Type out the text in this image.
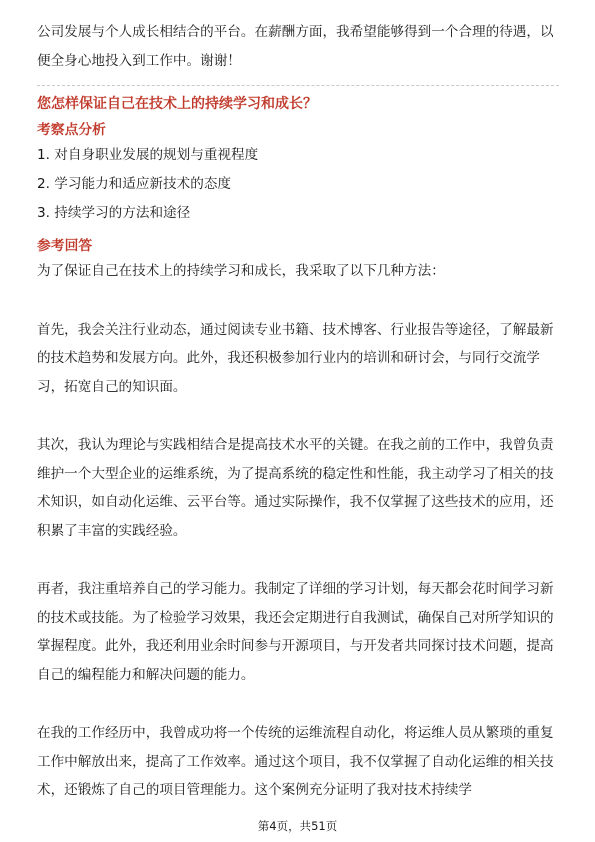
公司发展与个人成长相结合的平台。在薪酬方面，我希望能够得到一个合理的待遇，以便全身心地投入到工作中。谢谢！

您怎样保证自己在技术上的持续学习和成长？

考察点分析

1. 对自身职业发展的规划与重视程度

2. 学习能力和适应新技术的态度

3. 持续学习的方法和途径

参考回答

为了保证自己在技术上的持续学习和成长，我采取了以下几种方法：

首先，我会关注行业动态，通过阅读专业书籍、技术博客、行业报告等途径，了解最新的技术趋势和发展方向。此外，我还积极参加行业内的培训和研讨会，与同行交流学习，拓宽自己的知识面。

其次，我认为理论与实践相结合是提高技术水平的关键。在我之前的工作中，我曾负责维护一个大型企业的运维系统，为了提高系统的稳定性和性能，我主动学习了相关的技术知识，如自动化运维、云平台等。通过实际操作，我不仅掌握了这些技术的应用，还积累了丰富的实践经验。

再者，我注重培养自己的学习能力。我制定了详细的学习计划，每天都会花时间学习新的技术或技能。为了检验学习效果，我还会定期进行自我测试，确保自己对所学知识的掌握程度。此外，我还利用业余时间参与开源项目，与开发者共同探讨技术问题，提高自己的编程能力和解决问题的能力。

在我的工作经历中，我曾成功将一个传统的运维流程自动化，将运维人员从繁琐的重复工作中解放出来，提高了工作效率。通过这个项目，我不仅掌握了自动化运维的相关技术，还锻炼了自己的项目管理能力。这个案例充分证明了我对技术持续学

第4页，共51页
